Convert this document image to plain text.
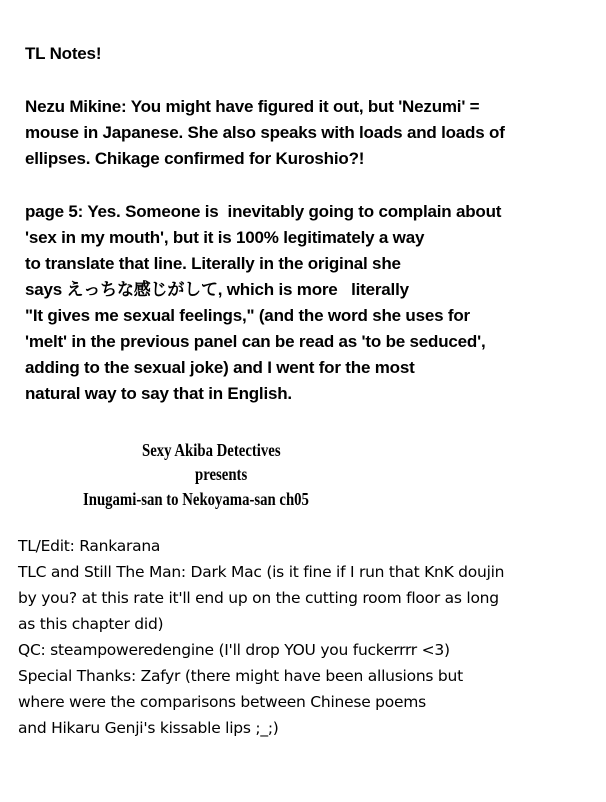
TL Notes!
Nezu Mikine: You might have figured it out, but 'Nezumi' =
mouse in Japanese. She also speaks with loads and loads of
ellipses. Chikage confirmed for Kuroshio?!
page 5: Yes. Someone is  inevitably going to complain about
'sex in my mouth', but it is 100% legitimately a way
to translate that line. Literally in the original she
says えっちな感じがして, which is more   literally
"It gives me sexual feelings," (and the word she uses for
'melt' in the previous panel can be read as 'to be seduced',
adding to the sexual joke) and I went for the most
natural way to say that in English.
Sexy Akiba Detectives
presents
Inugami-san to Nekoyama-san ch05
TL/Edit: Rankarana
TLC and Still The Man: Dark Mac (is it fine if I run that KnK doujin
by you? at this rate it'll end up on the cutting room floor as long
as this chapter did)
QC: steampoweredengine (I'll drop YOU you fuckerrrr <3)
Special Thanks: Zafyr (there might have been allusions but
where were the comparisons between Chinese poems
and Hikaru Genji's kissable lips ;_;)
